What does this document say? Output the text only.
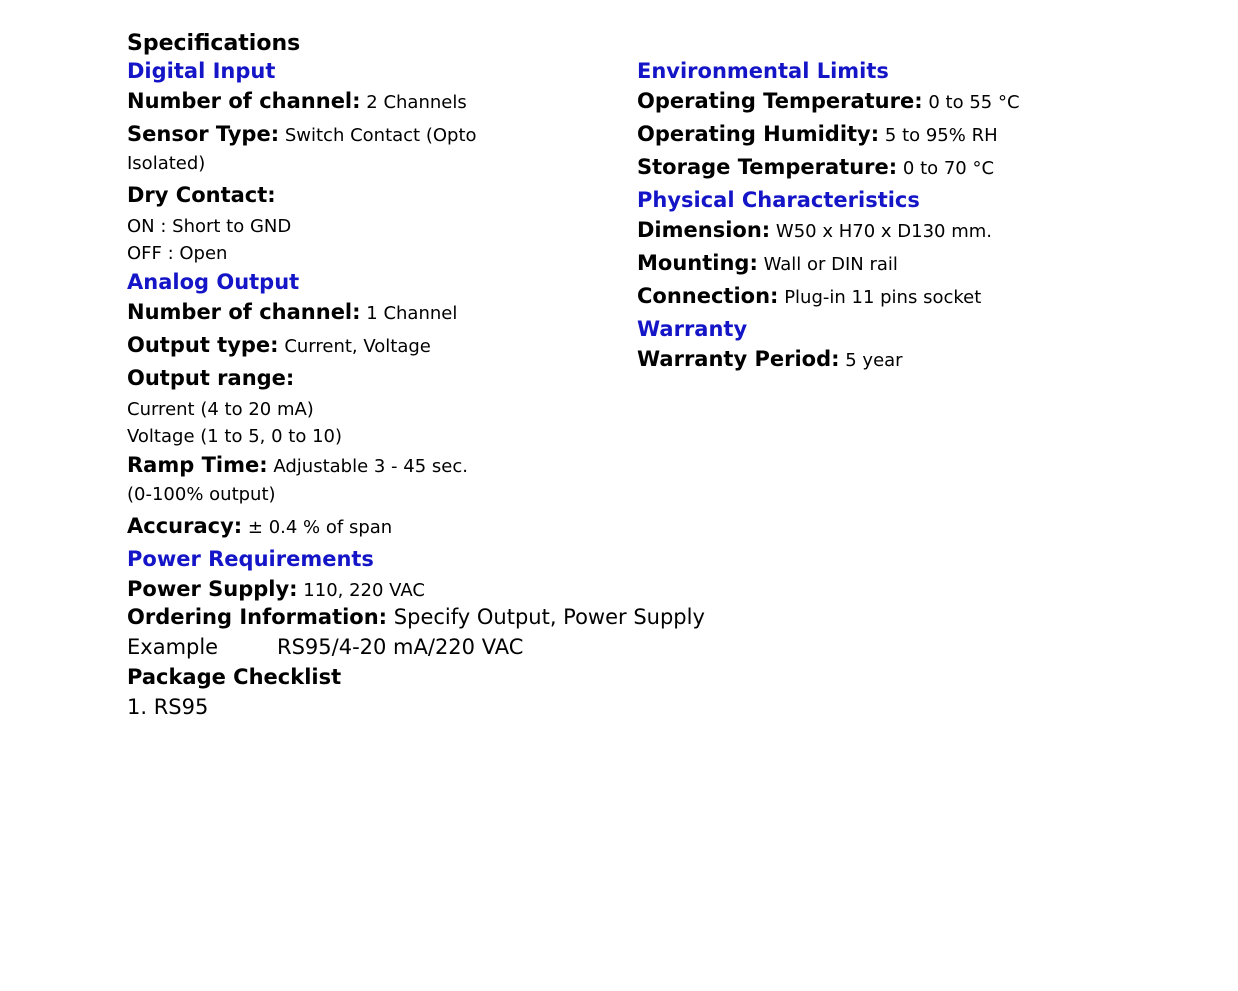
Specifications
Digital Input
Number of channel: 2 Channels
Sensor Type: Switch Contact (Opto Isolated)
Dry Contact:
ON : Short to GND
OFF : Open
Analog Output
Number of channel: 1 Channel
Output type: Current, Voltage
Output range:
Current (4 to 20 mA)
Voltage (1 to 5, 0 to 10)
Ramp Time: Adjustable 3 - 45 sec. (0-100% output)
Accuracy: ± 0.4 % of span
Power Requirements
Power Supply: 110, 220 VAC
Environmental Limits
Operating Temperature: 0 to 55 °C
Operating Humidity: 5 to 95% RH
Storage Temperature: 0 to 70 °C
Physical Characteristics
Dimension: W50 x H70 x D130 mm.
Mounting: Wall or DIN rail
Connection: Plug-in 11 pins socket
Warranty
Warranty Period: 5 year
Ordering Information: Specify Output, Power Supply
Example	RS95/4-20 mA/220 VAC
Package Checklist
1. RS95
